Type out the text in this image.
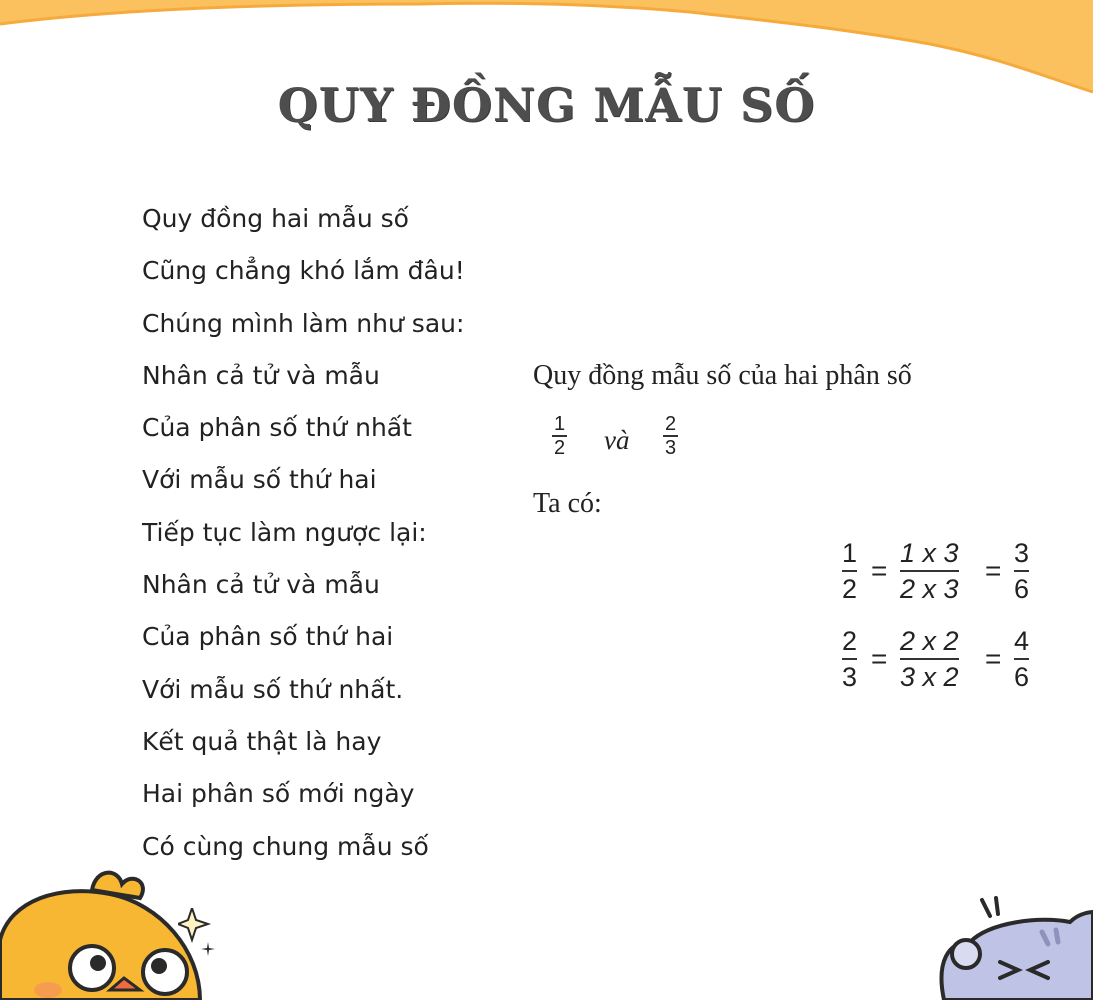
QUY ĐỒNG MẪU SỐ
Quy đồng hai mẫu số
Cũng chẳng khó lắm đâu!
Chúng mình làm như sau:
Nhân cả tử và mẫu
Của phân số thứ nhất
Với mẫu số thứ hai
Tiếp tục làm ngược lại:
Nhân cả tử và mẫu
Của phân số thứ hai
Với mẫu số thứ nhất.
Kết quả thật là hay
Hai phân số mới ngày
Có cùng chung mẫu số
Quy đồng mẫu số của hai phân số
1
2 và
2
3
Ta có:
1
2
=
1 x 3
2 x 3
=
3
6
2
3
=
2 x 2
3 x 2
=
4
6
